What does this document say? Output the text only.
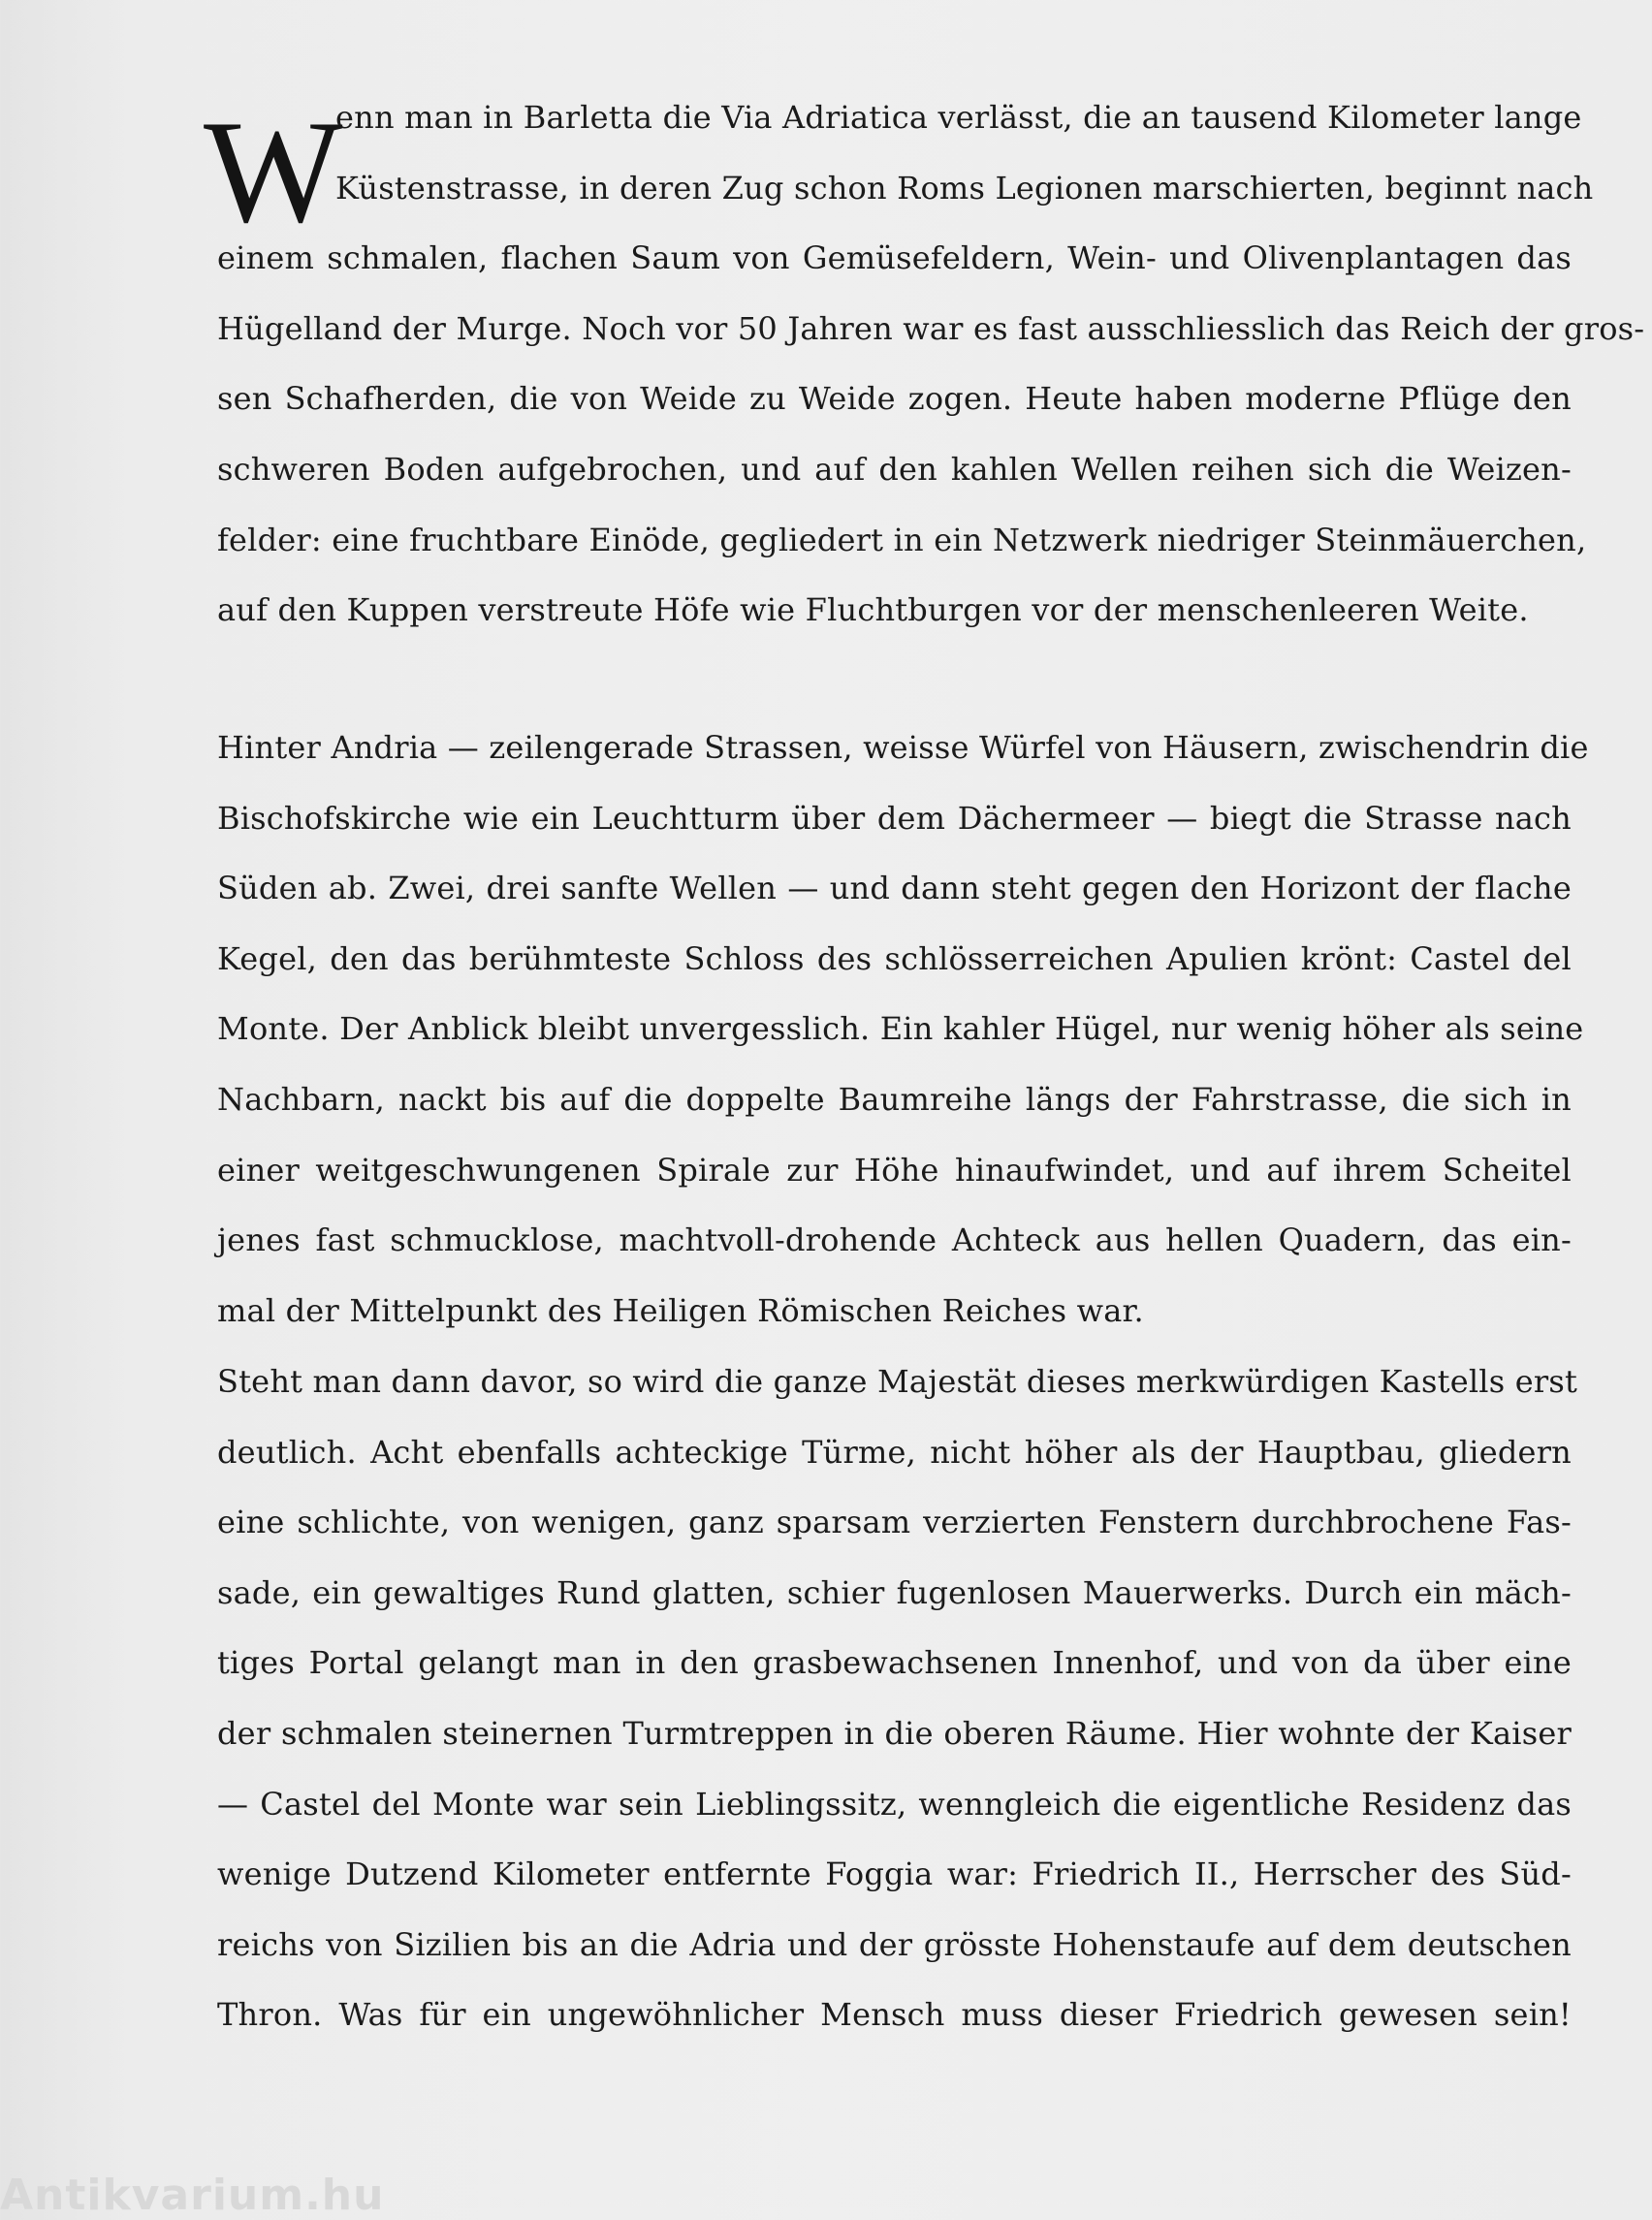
W
enn man in Barletta die Via Adriatica verlässt, die an tausend Kilometer lange
Küstenstrasse, in deren Zug schon Roms Legionen marschierten, beginnt nach
einem schmalen, flachen Saum von Gemüsefeldern, Wein- und Olivenplantagen das
Hügelland der Murge. Noch vor 50 Jahren war es fast ausschliesslich das Reich der gros-
sen Schafherden, die von Weide zu Weide zogen. Heute haben moderne Pflüge den
schweren Boden aufgebrochen, und auf den kahlen Wellen reihen sich die Weizen-
felder: eine fruchtbare Einöde, gegliedert in ein Netzwerk niedriger Steinmäuerchen,
auf den Kuppen verstreute Höfe wie Fluchtburgen vor der menschenleeren Weite.
Hinter Andria — zeilengerade Strassen, weisse Würfel von Häusern, zwischendrin die
Bischofskirche wie ein Leuchtturm über dem Dächermeer — biegt die Strasse nach
Süden ab. Zwei, drei sanfte Wellen — und dann steht gegen den Horizont der flache
Kegel, den das berühmteste Schloss des schlösserreichen Apulien krönt: Castel del
Monte. Der Anblick bleibt unvergesslich. Ein kahler Hügel, nur wenig höher als seine
Nachbarn, nackt bis auf die doppelte Baumreihe längs der Fahrstrasse, die sich in
einer weitgeschwungenen Spirale zur Höhe hinaufwindet, und auf ihrem Scheitel
jenes fast schmucklose, machtvoll-drohende Achteck aus hellen Quadern, das ein-
mal der Mittelpunkt des Heiligen Römischen Reiches war.
Steht man dann davor, so wird die ganze Majestät dieses merkwürdigen Kastells erst
deutlich. Acht ebenfalls achteckige Türme, nicht höher als der Hauptbau, gliedern
eine schlichte, von wenigen, ganz sparsam verzierten Fenstern durchbrochene Fas-
sade, ein gewaltiges Rund glatten, schier fugenlosen Mauerwerks. Durch ein mäch-
tiges Portal gelangt man in den grasbewachsenen Innenhof, und von da über eine
der schmalen steinernen Turmtreppen in die oberen Räume. Hier wohnte der Kaiser
— Castel del Monte war sein Lieblingssitz, wenngleich die eigentliche Residenz das
wenige Dutzend Kilometer entfernte Foggia war: Friedrich II., Herrscher des Süd-
reichs von Sizilien bis an die Adria und der grösste Hohenstaufe auf dem deutschen
Thron. Was für ein ungewöhnlicher Mensch muss dieser Friedrich gewesen sein!
Antikvarium.hu
